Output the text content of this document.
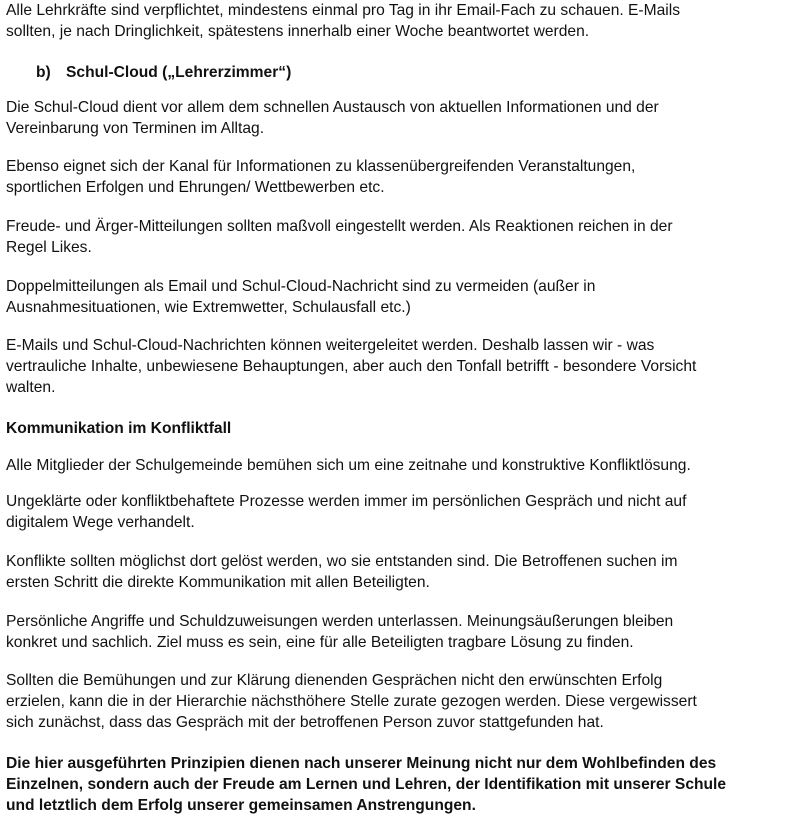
Alle Lehrkräfte sind verpflichtet, mindestens einmal pro Tag in ihr Email-Fach zu schauen. E-Mails
sollten, je nach Dringlichkeit, spätestens innerhalb einer Woche beantwortet werden.

b) Schul-Cloud („Lehrerzimmer“)

Die Schul-Cloud dient vor allem dem schnellen Austausch von aktuellen Informationen und der
Vereinbarung von Terminen im Alltag.

Ebenso eignet sich der Kanal für Informationen zu klassenübergreifenden Veranstaltungen,
sportlichen Erfolgen und Ehrungen/ Wettbewerben etc.

Freude- und Ärger-Mitteilungen sollten maßvoll eingestellt werden. Als Reaktionen reichen in der
Regel Likes.

Doppelmitteilungen als Email und Schul-Cloud-Nachricht sind zu vermeiden (außer in
Ausnahmesituationen, wie Extremwetter, Schulausfall etc.)

E-Mails und Schul-Cloud-Nachrichten können weitergeleitet werden. Deshalb lassen wir - was
vertrauliche Inhalte, unbewiesene Behauptungen, aber auch den Tonfall betrifft - besondere Vorsicht
walten.

Kommunikation im Konfliktfall

Alle Mitglieder der Schulgemeinde bemühen sich um eine zeitnahe und konstruktive Konfliktlösung.

Ungeklärte oder konfliktbehaftete Prozesse werden immer im persönlichen Gespräch und nicht auf
digitalem Wege verhandelt.

Konflikte sollten möglichst dort gelöst werden, wo sie entstanden sind. Die Betroffenen suchen im
ersten Schritt die direkte Kommunikation mit allen Beteiligten.

Persönliche Angriffe und Schuldzuweisungen werden unterlassen. Meinungsäußerungen bleiben
konkret und sachlich. Ziel muss es sein, eine für alle Beteiligten tragbare Lösung zu finden.

Sollten die Bemühungen und zur Klärung dienenden Gesprächen nicht den erwünschten Erfolg
erzielen, kann die in der Hierarchie nächsthöhere Stelle zurate gezogen werden. Diese vergewissert
sich zunächst, dass das Gespräch mit der betroffenen Person zuvor stattgefunden hat.

Die hier ausgeführten Prinzipien dienen nach unserer Meinung nicht nur dem Wohlbefinden des
Einzelnen, sondern auch der Freude am Lernen und Lehren, der Identifikation mit unserer Schule
und letztlich dem Erfolg unserer gemeinsamen Anstrengungen.
